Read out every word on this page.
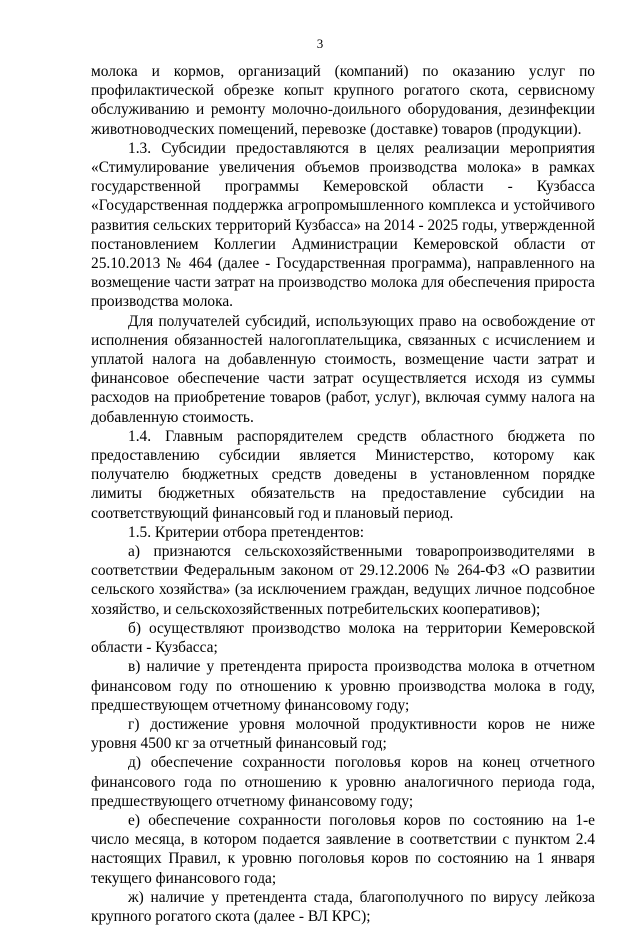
3

молока и кормов, организаций (компаний) по оказанию услуг по профилактической обрезке копыт крупного рогатого скота, сервисному обслуживанию и ремонту молочно-доильного оборудования, дезинфекции животноводческих помещений, перевозке (доставке) товаров (продукции).

1.3. Субсидии предоставляются в целях реализации мероприятия «Стимулирование увеличения объемов производства молока» в рамках государственной программы Кемеровской области - Кузбасса «Государственная поддержка агропромышленного комплекса и устойчивого развития сельских территорий Кузбасса» на 2014 - 2025 годы, утвержденной постановлением Коллегии Администрации Кемеровской области от 25.10.2013 № 464 (далее - Государственная программа), направленного на возмещение части затрат на производство молока для обеспечения прироста производства молока.

Для получателей субсидий, использующих право на освобождение от исполнения обязанностей налогоплательщика, связанных с исчислением и уплатой налога на добавленную стоимость, возмещение части затрат и финансовое обеспечение части затрат осуществляется исходя из суммы расходов на приобретение товаров (работ, услуг), включая сумму налога на добавленную стоимость.

1.4. Главным распорядителем средств областного бюджета по предоставлению субсидии является Министерство, которому как получателю бюджетных средств доведены в установленном порядке лимиты бюджетных обязательств на предоставление субсидии на соответствующий финансовый год и плановый период.

1.5. Критерии отбора претендентов:

а) признаются сельскохозяйственными товаропроизводителями в соответствии Федеральным законом от 29.12.2006 № 264-ФЗ «О развитии сельского хозяйства» (за исключением граждан, ведущих личное подсобное хозяйство, и сельскохозяйственных потребительских кооперативов);

б) осуществляют производство молока на территории Кемеровской области - Кузбасса;

в) наличие у претендента прироста производства молока в отчетном финансовом году по отношению к уровню производства молока в году, предшествующем отчетному финансовому году;

г) достижение уровня молочной продуктивности коров не ниже уровня 4500 кг за отчетный финансовый год;

д) обеспечение сохранности поголовья коров на конец отчетного финансового года по отношению к уровню аналогичного периода года, предшествующего отчетному финансовому году;

е) обеспечение сохранности поголовья коров по состоянию на 1-е число месяца, в котором подается заявление в соответствии с пунктом 2.4 настоящих Правил, к уровню поголовья коров по состоянию на 1 января текущего финансового года;

ж) наличие у претендента стада, благополучного по вирусу лейкоза крупного рогатого скота (далее - ВЛ КРС);
